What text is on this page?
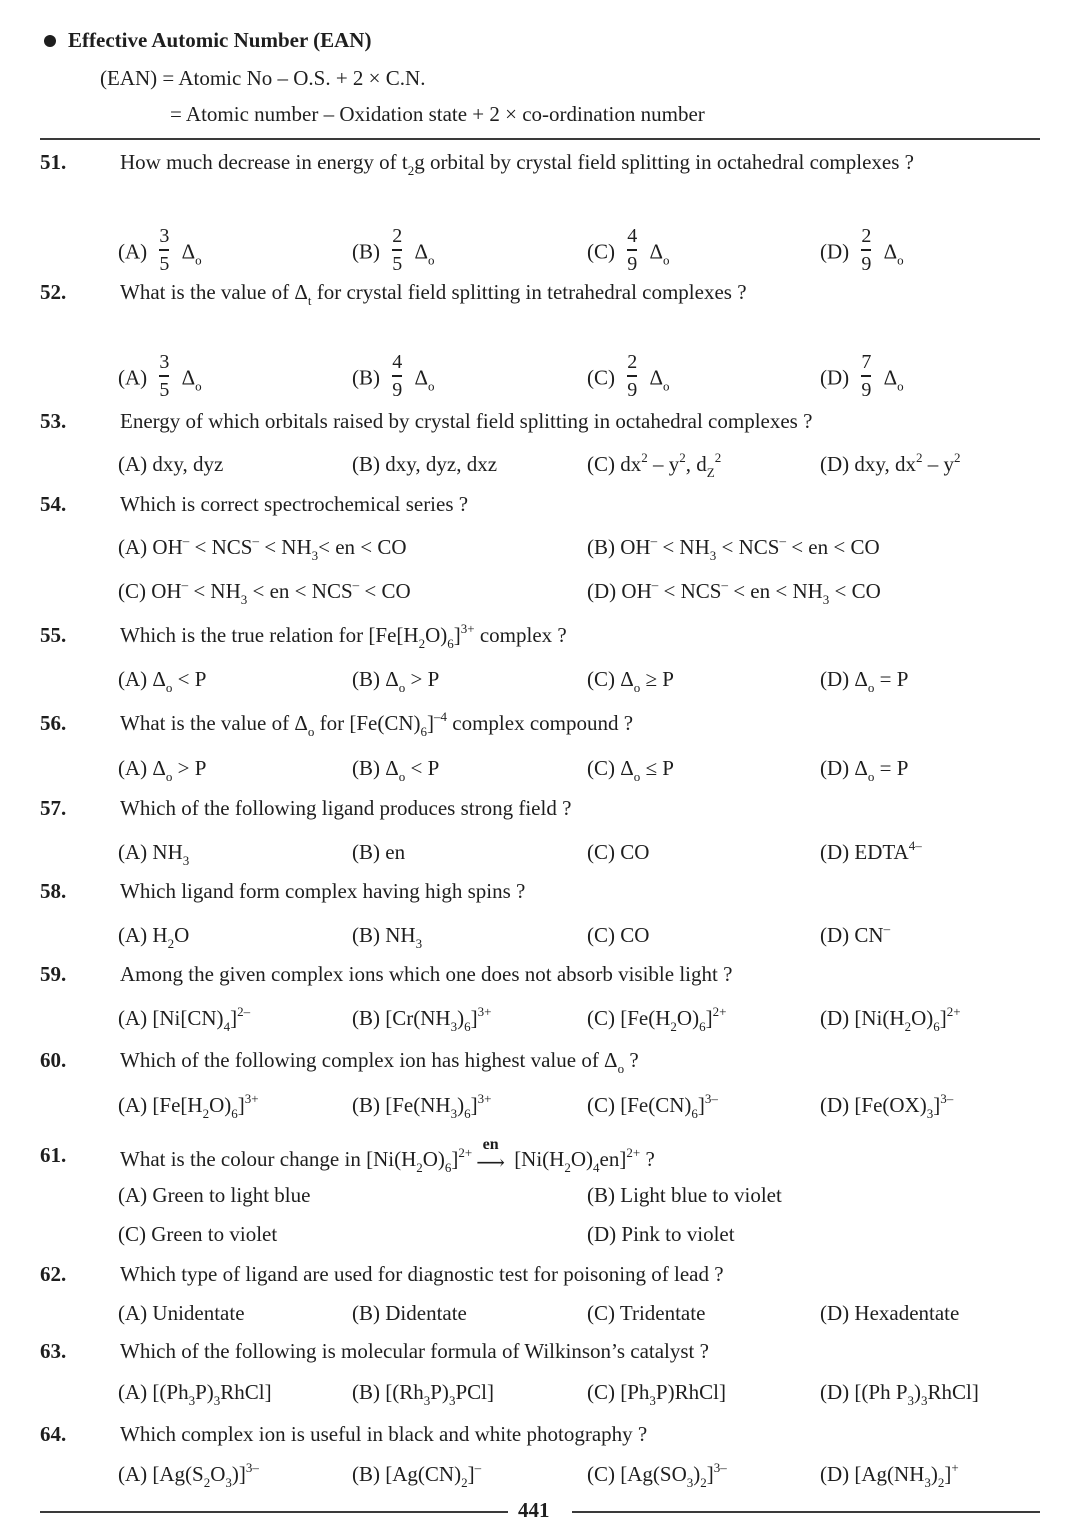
Effective Automic Number (EAN)
(EAN) = Atomic No – O.S. + 2 × C.N.
= Atomic number – Oxidation state + 2 × co-ordination number
51.	How much decrease in energy of $t_2g$ orbital by crystal field splitting in octahedral complexes ?
$(A) \frac{3}{5} \Delta_o$	$(B) \frac{2}{5} \Delta_o$	$(C) \frac{4}{9} \Delta_o$	$(D) \frac{2}{9} \Delta_o$
52.	What is the value of $\Delta_t$ for crystal field splitting in tetrahedral complexes ?
$(A) \frac{3}{5} \Delta_o$	$(B) \frac{4}{9} \Delta_o$	$(C) \frac{2}{9} \Delta_o$	$(D) \frac{7}{9} \Delta_o$
53.	Energy of which orbitals raised by crystal field splitting in octahedral complexes ?
(A) dxy, dyz	(B) dxy, dyz, dxz	(C) $dx^2 - y^2$, $d_Z^2$	(D) dxy, $dx^2 - y^2$
54.	Which is correct spectrochemical series ?
(A) $OH^- < NCS^- < NH_3<$ en < CO	(B) $OH^- < NH_3 < NCS^-$ < en < CO
(C) $OH^- < NH_3$ < en < NCS– < CO	(D) OH– < NCS– < en < $NH_3$ < CO
55.	Which is the true relation for $[Fe[H_2O)_6]^{3+}$ complex ?
(A) $\Delta_o < P$	(B) $\Delta_o > P$	(C) $\Delta_o \ge P$	(D) $\Delta_o = P$
56.	What is the value of $\Delta_o$ for $[Fe(CN)_6]^{-4}$ complex compound ?
(A) $\Delta_o > P$	(B) $\Delta_o < P$	(C) $\Delta_o \le P$	(D) $\Delta_o = P$
57.	Which of the following ligand produces strong field ?
(A) $NH_3$	(B) en	(C) CO	(D) $EDTA^{4-}$
58.	Which ligand form complex having high spins ?
(A) $H_2O$	(B) $NH_3$	(C) CO	(D) CN–
59.	Among the given complex ions which one does not absorb visible light ?
(A) $[Ni[CN)_4]^{2-}$	(B) $[Cr(NH_3)_6]^{3+}$	(C) $[Fe(H_2O)_6]^{2+}$	(D) $[Ni(H_2O)_6]^{2+}$
60.	Which of the following complex ion has highest value of $\Delta_o$ ?
(A) $[Fe[H_2O)_6]^{3+}$	(B) $[Fe(NH_3)_6]^{3+}$	(C) $[Fe(CN)_6]^{3-}$	(D) $[Fe(OX)_3]^{3-}$
61.	What is the colour change in $[Ni(H_2O)_6]^{2+}$ en
⟶ $[Ni(H_2O)_4en]^{2+}$ ?
(A) Green to light blue	(B) Light blue to violet
(C) Green to violet	(D) Pink to violet
62.	Which type of ligand are used for diagnostic test for poisoning of lead ?
(A) Unidentate	(B) Didentate	(C) Tridentate	(D) Hexadentate
63.	Which of the following is molecular formula of Wilkinson’s catalyst ?
(A) $[(Ph_3P)_3RhCl]$	(B) $[(Rh_3P)_3PCl]$	(C) $[Ph_3P)RhCl$]	(D) [(Ph $P_3)_3RhCl$]
64.	Which complex ion is useful in black and white photography ?
(A) $[Ag(S_2O_3)]^{3-}$	(B) $[Ag(CN)_2]^-$	(C) $[Ag(SO_3)_2]^{3-}$	(D) $[Ag(NH_3)_2]^+$
441
